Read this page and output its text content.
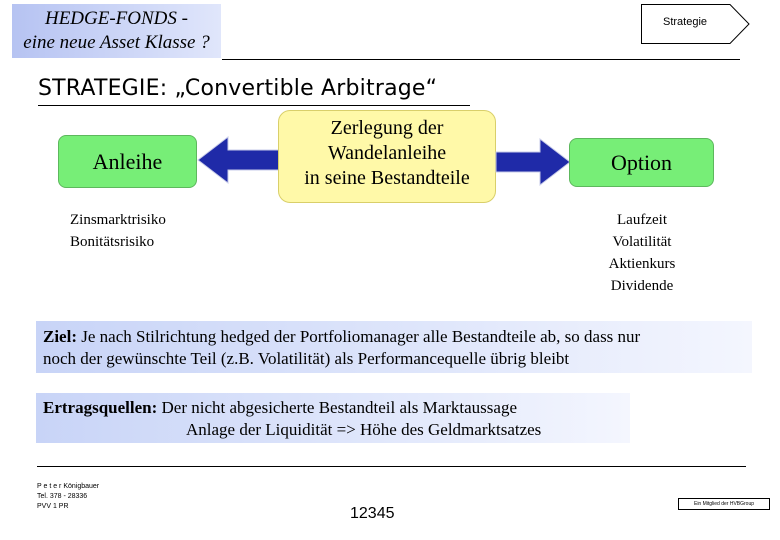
HEDGE-FONDS -
eine neue Asset Klasse ?
Strategie
STRATEGIE: „Convertible Arbitrage“
Anleihe
Zerlegung der
Wandelanleihe
in seine Bestandteile
Option
Zinsmarktrisiko
Bonitätsrisiko
Laufzeit
Volatilität
Aktienkurs
Dividende
Ziel: Je nach Stilrichtung hedged der Portfoliomanager alle Bestandteile ab, so dass nur
noch der gewünschte Teil (z.B. Volatilität) als Performancequelle übrig bleibt
Ertragsquellen: Der nicht abgesicherte Bestandteil als Marktaussage
Anlage der Liquidität => Höhe des Geldmarktsatzes
P e t e r Königbauer
Tel. 378 - 28336
PVV 1 PR	12345
Ein Mitglied der HVBGroup
